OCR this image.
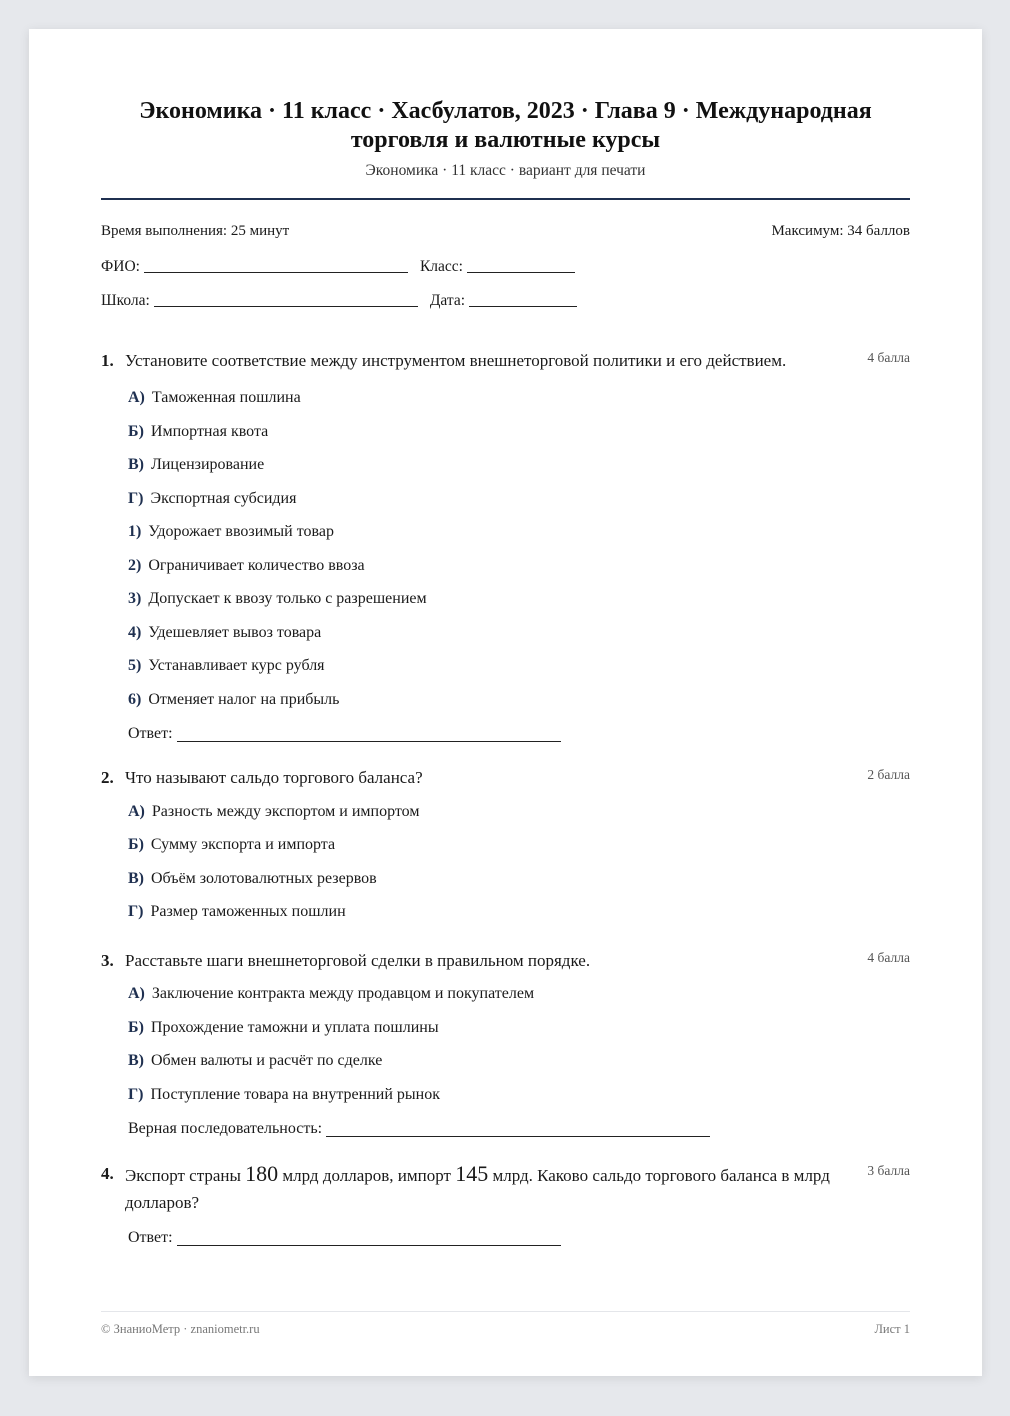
Экономика · 11 класс · Хасбулатов, 2023 · Глава 9 · Международная торговля и валютные курсы
Экономика · 11 класс · вариант для печати
Время выполнения: 25 минут	Максимум: 34 баллов
ФИО:	Класс:
Школа:	Дата:
1. Установите соответствие между инструментом внешнеторговой политики и его действием.	4 балла
А) Таможенная пошлина
Б) Импортная квота
В) Лицензирование
Г) Экспортная субсидия
1) Удорожает ввозимый товар
2) Ограничивает количество ввоза
3) Допускает к ввозу только с разрешением
4) Удешевляет вывоз товара
5) Устанавливает курс рубля
6) Отменяет налог на прибыль
Ответ:
2. Что называют сальдо торгового баланса?	2 балла
А) Разность между экспортом и импортом
Б) Сумму экспорта и импорта
В) Объём золотовалютных резервов
Г) Размер таможенных пошлин
3. Расставьте шаги внешнеторговой сделки в правильном порядке.	4 балла
А) Заключение контракта между продавцом и покупателем
Б) Прохождение таможни и уплата пошлины
В) Обмен валюты и расчёт по сделке
Г) Поступление товара на внутренний рынок
Верная последовательность:
4. Экспорт страны 180 млрд долларов, импорт 145 млрд. Каково сальдо торгового баланса в млрд долларов?
3 балла
Ответ:
© ЗнаниоМетр · znaniometr.ru	Лист 1
